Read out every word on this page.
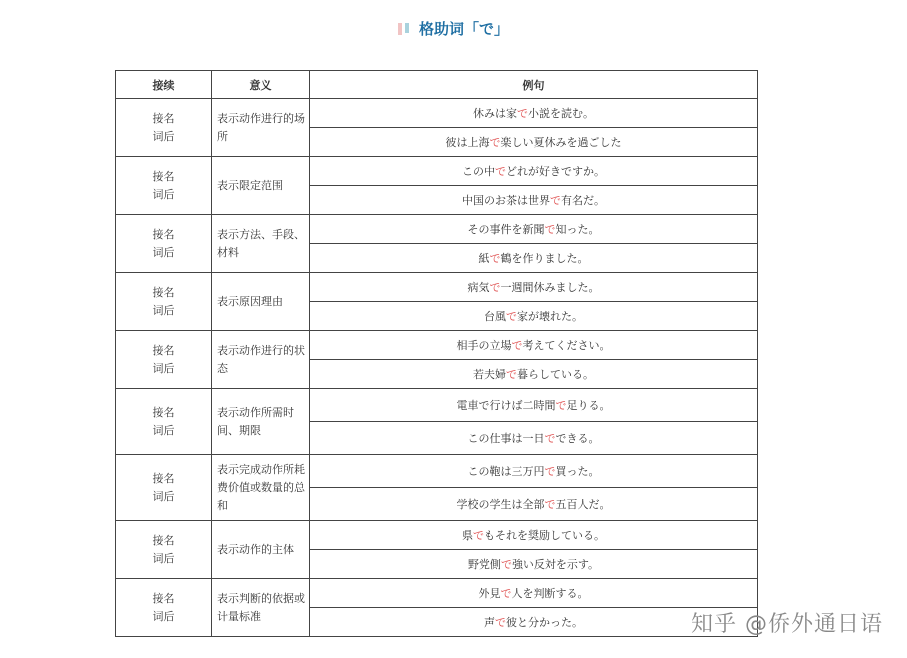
格助词「で」
接续	意义	例句

接名
词后	表示动作进行的场所	休みは家で小説を読む。
		彼は上海で楽しい夏休みを過ごした

接名
词后	表示限定范围	この中でどれが好きですか。
		中国のお茶は世界で有名だ。

接名
词后	表示方法、手段、材料	その事件を新聞で知った。
		紙で鶴を作りました。

接名
词后	表示原因理由	病気で一週間休みました。
		台風で家が壊れた。

接名
词后	表示动作进行的状态	相手の立場で考えてください。
		若夫婦で暮らしている。

接名
词后	表示动作所需时间、期限	電車で行けば二時間で足りる。
		この仕事は一日でできる。

接名
词后	表示完成动作所耗费价值或数量的总和	この鞄は三万円で買った。
		学校の学生は全部で五百人だ。

接名
词后	表示动作的主体	県でもそれを奨励している。
		野党側で強い反対を示す。

接名
词后	表示判断的依据或计量标准	外見で人を判断する。
		声で彼と分かった。	知乎 @侨外通日语
